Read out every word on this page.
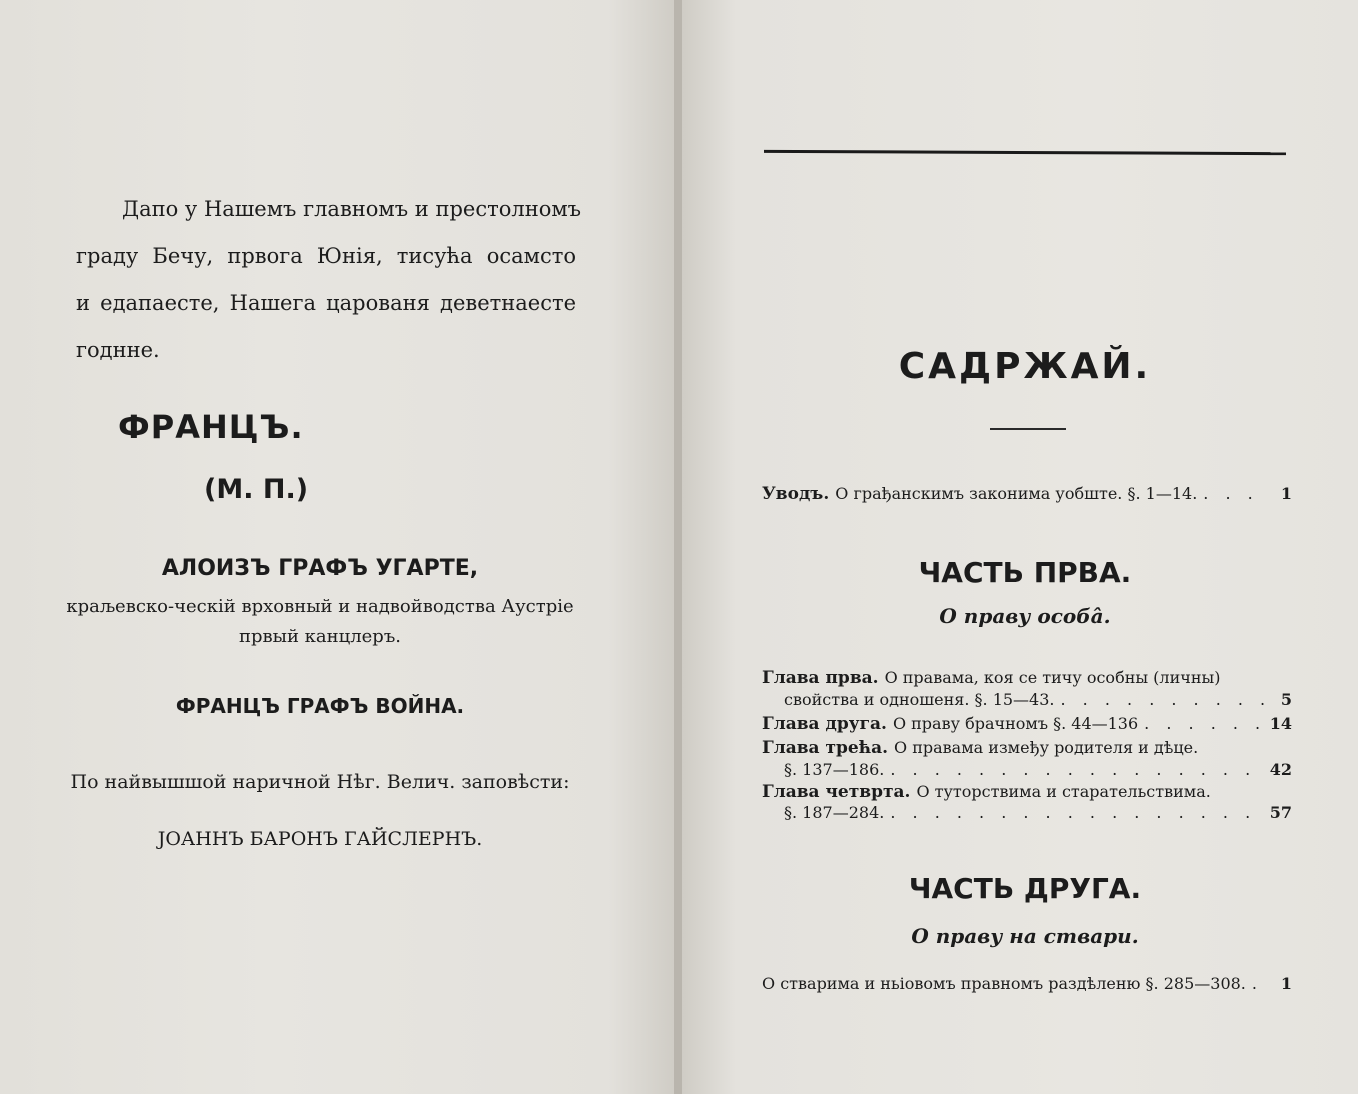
Дапо у Нашемъ главномъ и престолномъ
граду Бечу, првога Юнія, тисућа осамсто
и едапаесте, Нашега царованя деветнаесте
годнне.
ФРАНЦЪ.
(М. П.)
АЛОИЗЪ ГРАФЪ УГАРТЕ,
краљевско-ческій врховный и надвойводства Аустріе првый канцлеръ.
ФРАНЦЪ ГРАФЪ ВОЙНА.
По найвышшой наричной Нѣг. Велич. заповѣсти:
ЈОАННЪ БАРОНЪ ГАЙСЛЕРНЪ.
САДРЖАЙ.
Уводъ. О грађанскимъ законима уобште. §. 1—14. . . .	1
ЧАСТЬ ПРВА.
О праву особâ.
Глава прва. О правама, коя се тичу особны (личны)
свойства и одношеня. §. 15—43. . . .	5
Глава друга. О праву брачномъ §. 44—136 . . .	14
Глава трећа. О правама између родителя и дѣце.
§. 137—186. . . .	42
Глава четврта. О туторствима и старательствима.
§. 187—284. . . .	57
ЧАСТЬ ДРУГА.
О праву на ствари.
О стварима и ньіовомъ правномъ раздѣленю §. 285—308. . . .	1
